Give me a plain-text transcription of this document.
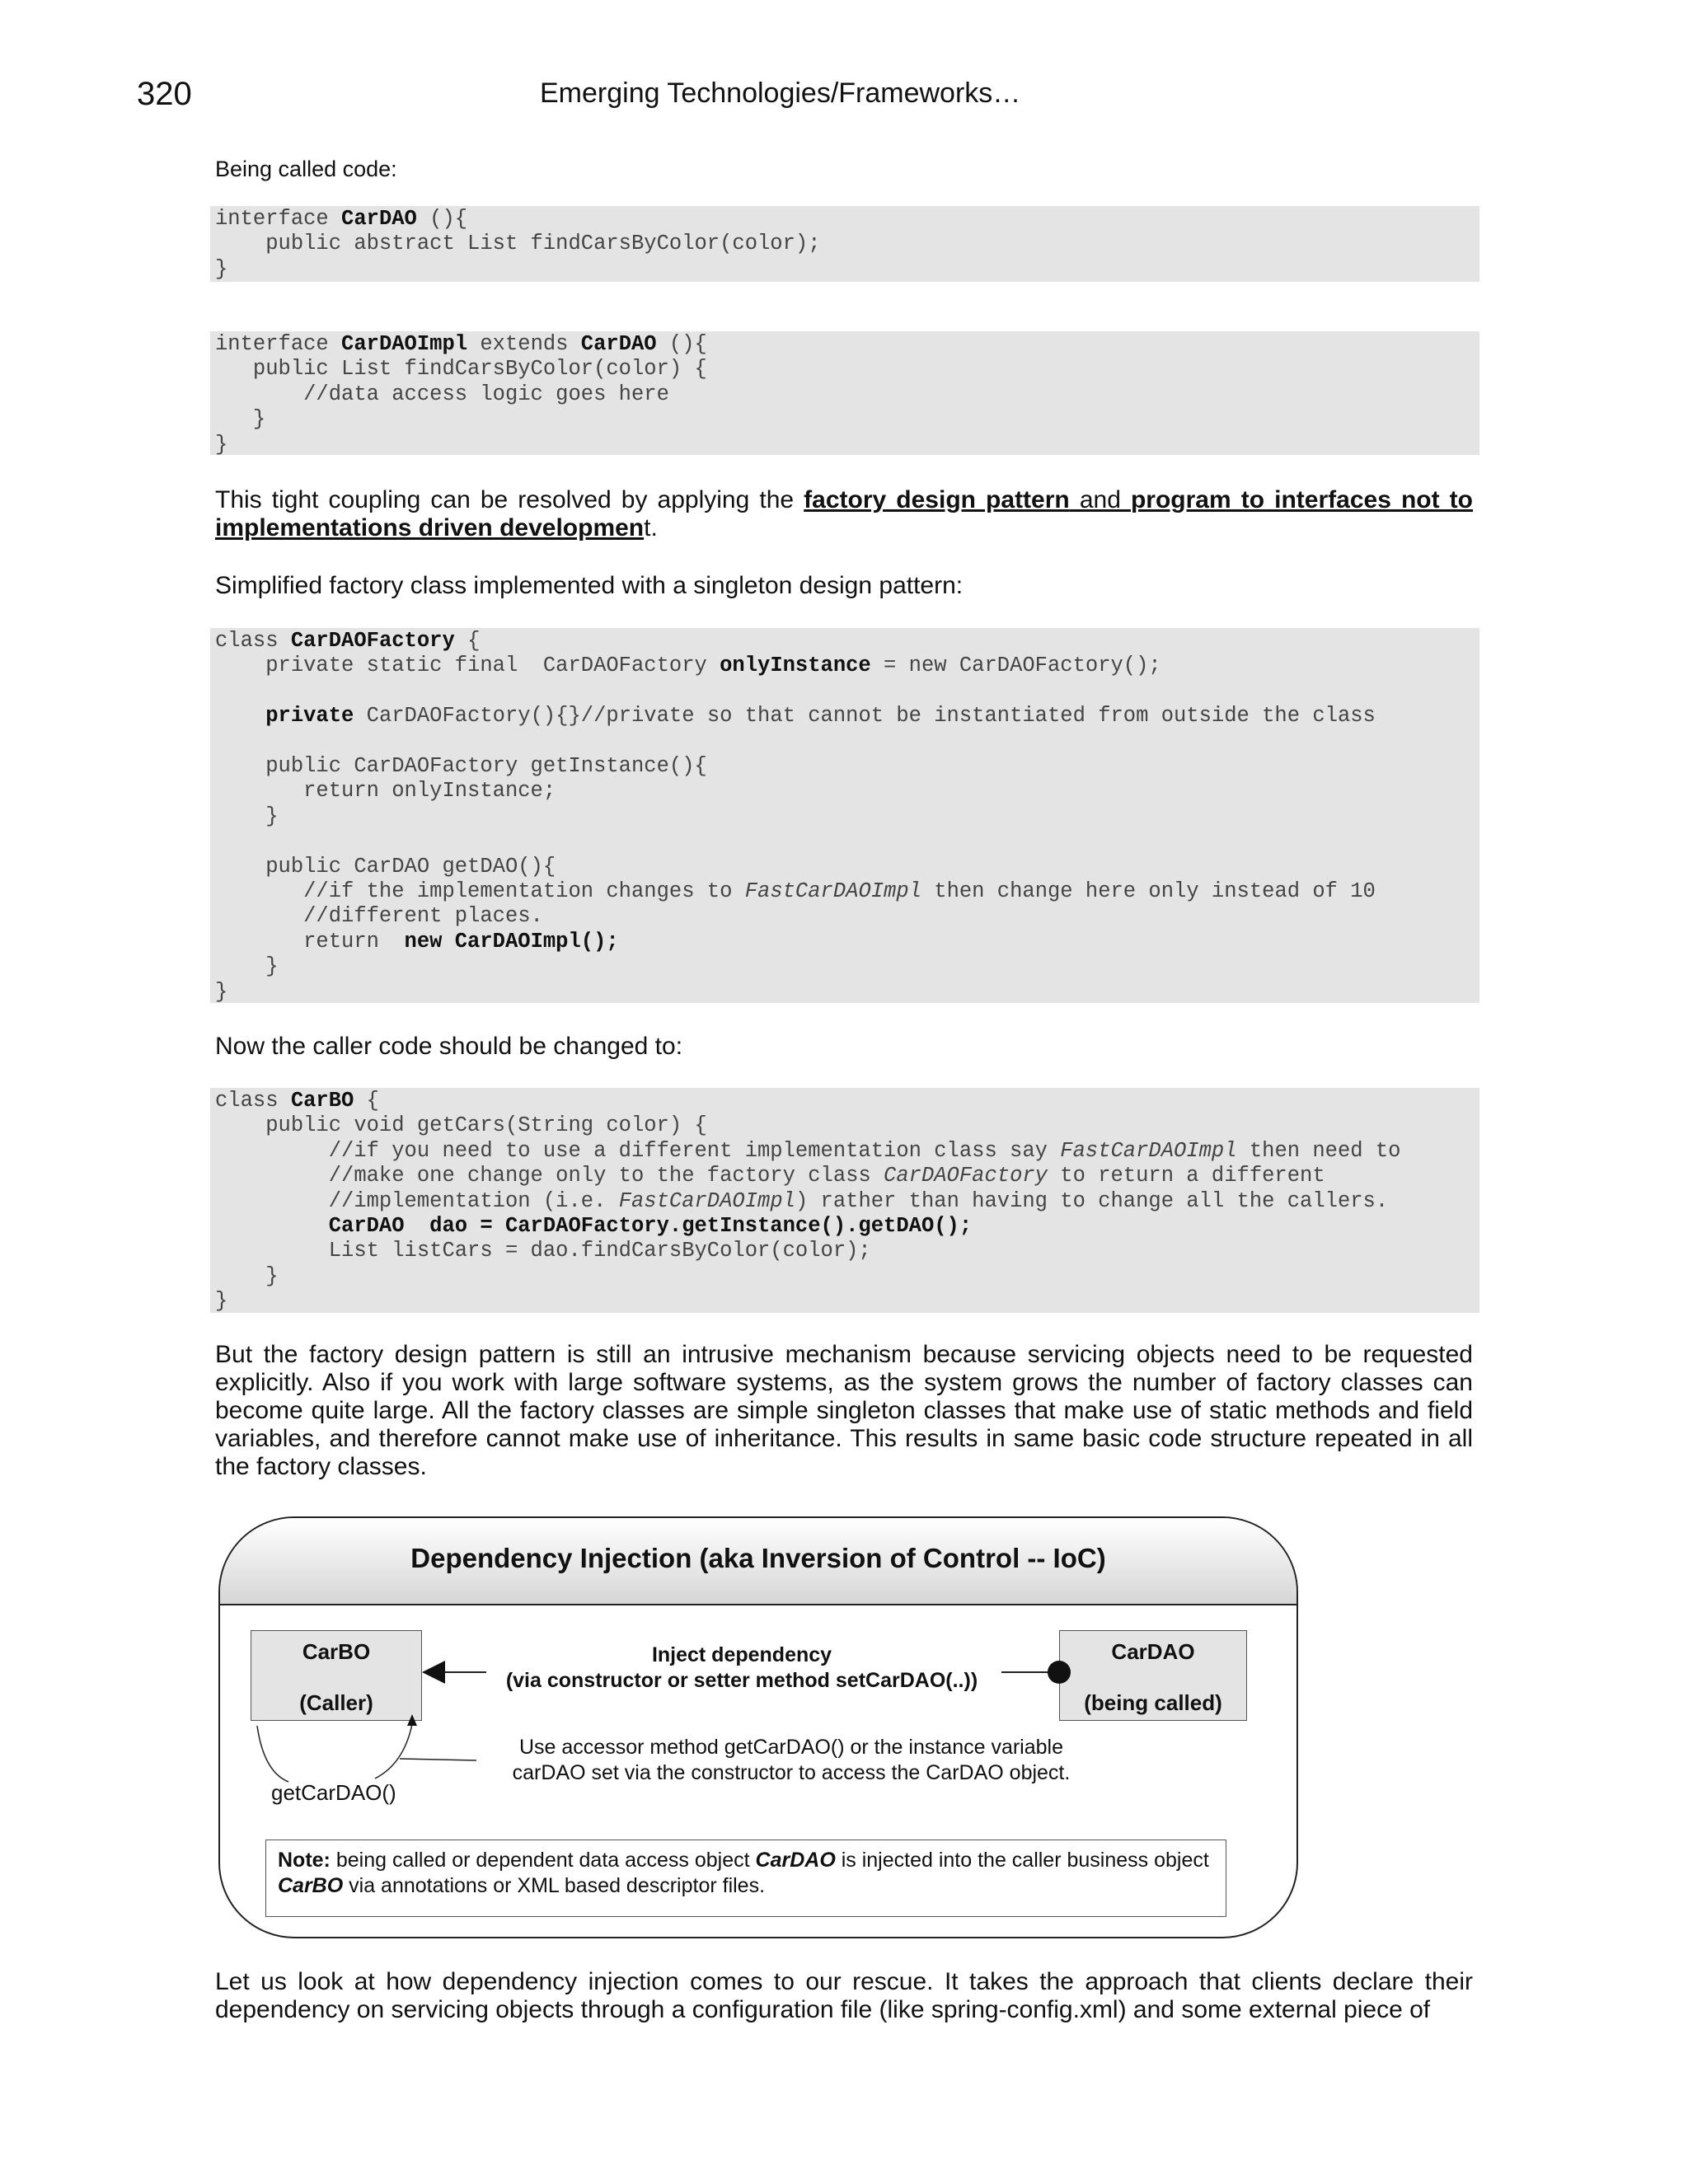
320	Emerging Technologies/Frameworks…
Being called code:
interface CarDAO (){
public abstract List findCarsByColor(color);
}
interface CarDAOImpl extends CarDAO (){
public List findCarsByColor(color) {
//data access logic goes here
}
}
This tight coupling can be resolved by applying the factory design pattern and program to interfaces not to implementations driven development.
Simplified factory class implemented with a singleton design pattern:
class CarDAOFactory {
private static final  CarDAOFactory onlyInstance = new CarDAOFactory();

private CarDAOFactory(){}//private so that cannot be instantiated from outside the class

public CarDAOFactory getInstance(){
return onlyInstance;
}

public CarDAO getDAO(){
//if the implementation changes to FastCarDAOImpl then change here only instead of 10
//different places.
return  new CarDAOImpl();
}
}
Now the caller code should be changed to:
class CarBO {
public void getCars(String color) {
//if you need to use a different implementation class say FastCarDAOImpl then need to
//make one change only to the factory class CarDAOFactory to return a different
//implementation (i.e. FastCarDAOImpl) rather than having to change all the callers.
CarDAO  dao = CarDAOFactory.getInstance().getDAO();
List listCars = dao.findCarsByColor(color);
}
}
But the factory design pattern is still an intrusive mechanism because servicing objects need to be requested explicitly. Also if you work with large software systems, as the system grows the number of factory classes can become quite large. All the factory classes are simple singleton classes that make use of static methods and field variables, and therefore cannot make use of inheritance. This results in same basic code structure repeated in all the factory classes.
Dependency Injection (aka Inversion of Control -- IoC)
CarBO
(Caller)
CarDAO
(being called)
Inject dependency
(via constructor or setter method setCarDAO(..))
Use accessor method getCarDAO() or the instance variable
carDAO set via the constructor to access the CarDAO object.
getCarDAO()
Note: being called or dependent data access object CarDAO is injected into the caller business object CarBO via annotations or XML based descriptor files.
Let us look at how dependency injection comes to our rescue. It takes the approach that clients declare their dependency on servicing objects through a configuration file (like spring-config.xml) and some external piece of
